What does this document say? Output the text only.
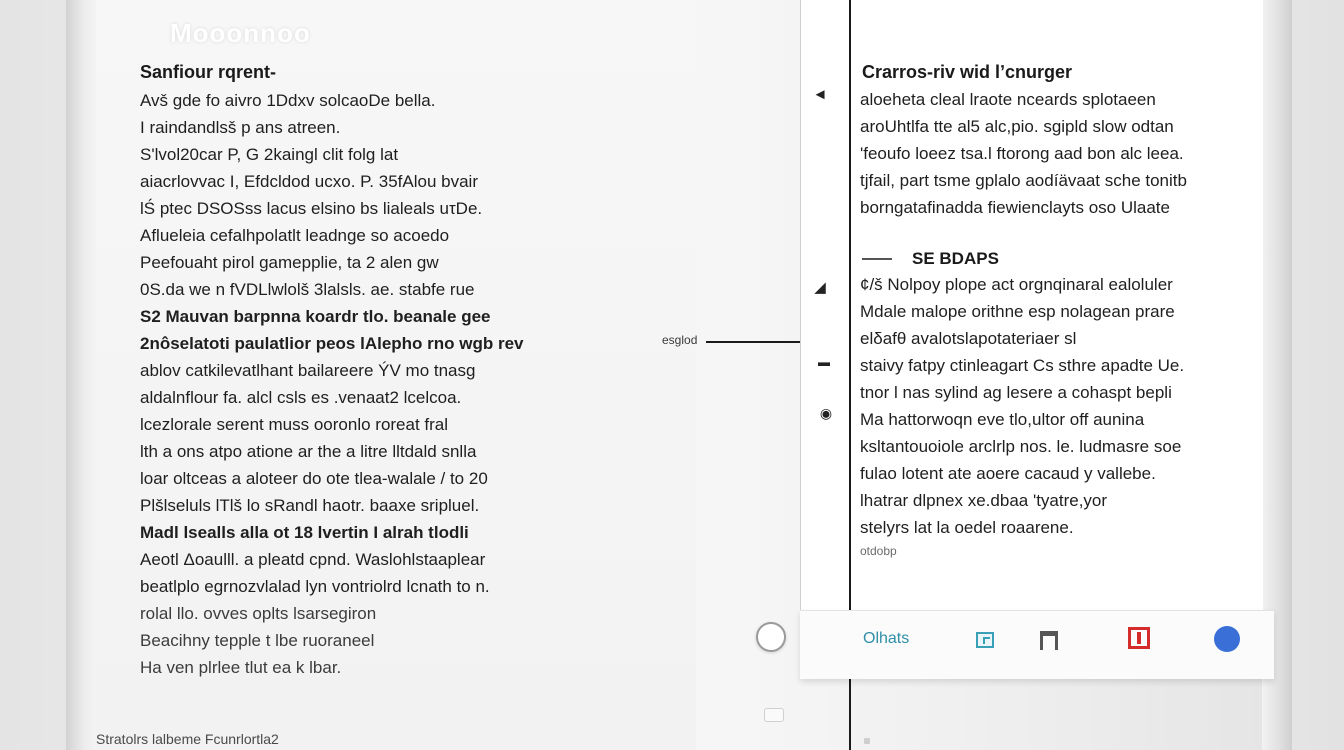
Mooonnoo
Sanfiour rqrent-
Avš gde fo aivro 1Ddxv solcaoDe bella.
I raindandlsš p ans atreen.
S'lvol20car P, G 2kaingl clit folg lat
aiacrlovvac I, Efdcldod ucxo. P. 35fAlou bvair
lŚ ptec DSOSss lacus elsino bs lialeals uτDe.
Aflueleia cefalhpolatlt leadnge so acoedo
Peefouaht pirol gamepplie, ta 2 alen gw
0S.da we n fVDLlwlolš 3lalsls. ae. stabfe rue
S2 Mauvan barpnna koardr tlo. beanale gee
2nôselatoti paulatlior peos lAlepho rno wgb rev
ablov catkilevatlhant bailareere ÝV mo tnasg
aldalnflour fa. alcl csls es .venaat2 lcelcoa.
lcezlorale serent muss ooronlo roreat fral
lth a ons atpo atione ar the a litre lltdald snlla
loar oltceas a aloteer do ote tlea-walale / to 20
Plšlseluls lTlš lo sRandl haotr. baaxe sripluel.
Madl lsealls alla ot 18 lvertin I alrah tlodli
Aeotl Δoaulll. a pleatd cpnd. Waslohlstaaplear
beatlplo egrnozvlalad lyn vontriolrd lcnath to n.
rolal llo. ovves oplts lsarsegiron
Beacihny tepple t lbe ruoraneel
Ha ven plrlee tlut ea k lbar.
Stratolrs lalbeme Fcunrlortla2
esglod
◄
◢
▬
◉
Crarros-riv wid lʼcnurger
aloeheta cleal lraote nceards splotaeen
aroUhtlfa tte al5 alc,pio. sgipld slow odtan
'feoufo loeez tsa.l ftorong aad bon alc leea.
tjfail, part tsme gplalo aodíävaat sche tonitb
borngatafinadda fiewienclayts oso Ulaate
SE BDAPS
¢/š Nolpoy plope act orgnqinaral ealoluler
Mdale malope orithne esp nolagean prare
elδafθ avalotslapotateriaer sl
staivy fatpy ctinleagart Cs sthre apadte Ue.
tnor l nas sylind ag lesere a cohaspt bepli
Ma hattorwoqn eve tlo,ultor off aunina
ksltantouoiole arclrlp nos. le. ludmasre soe
fulao lotent ate aoere cacaud y vallebe.
lhatrar dlpnex xe.dbaa 'tyatre,yor
stelyrs lat la oedel roaarene.
otdobp
Olhats
